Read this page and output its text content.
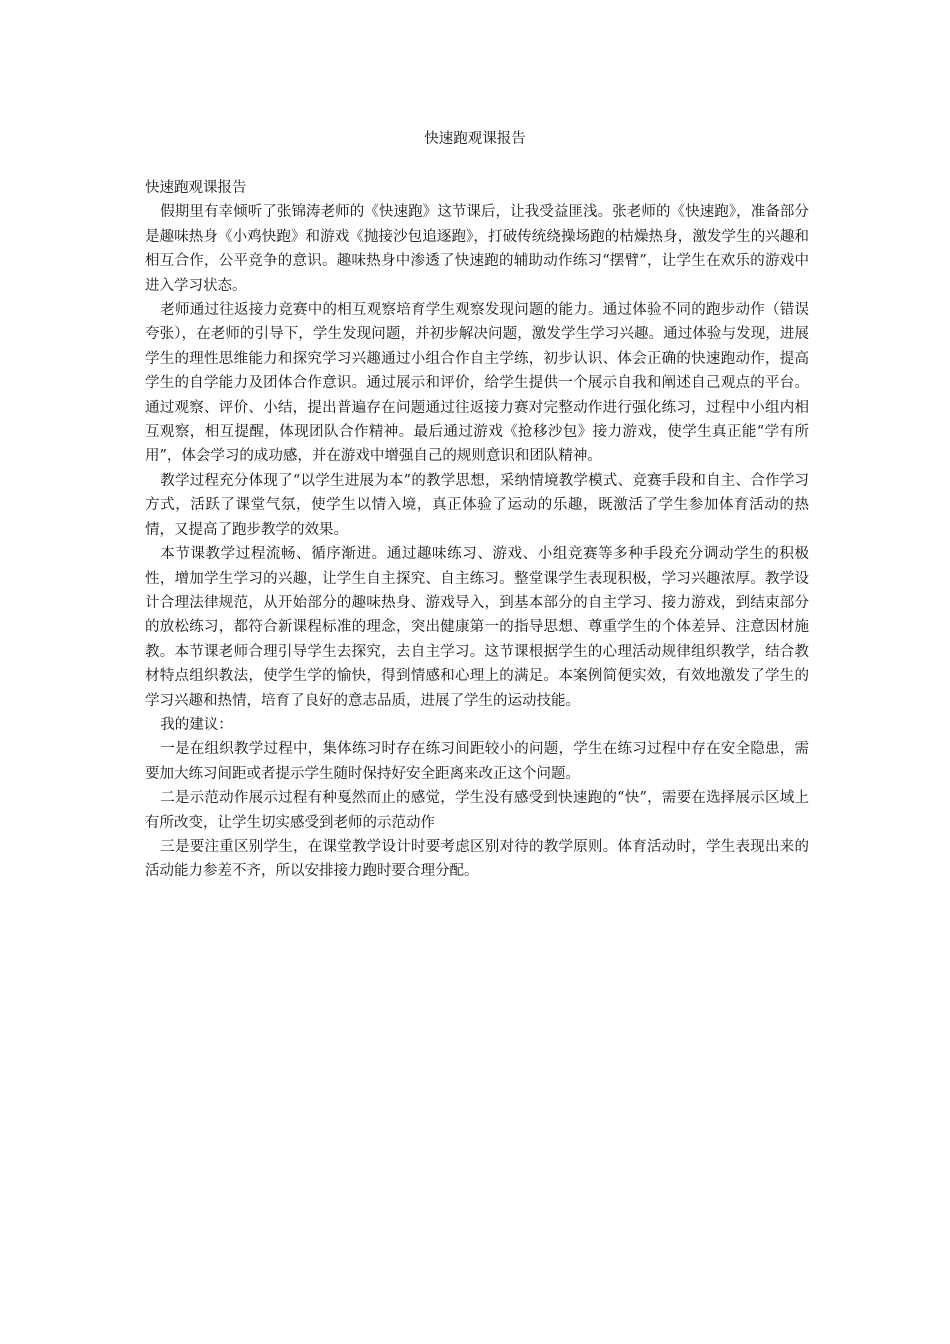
快速跑观课报告

快速跑观课报告

假期里有幸倾听了张锦涛老师的《快速跑》这节课后，让我受益匪浅。张老师的《快速跑》，准备部分是趣味热身《小鸡快跑》和游戏《抛接沙包追逐跑》，打破传统绕操场跑的枯燥热身，激发学生的兴趣和相互合作，公平竞争的意识。趣味热身中渗透了快速跑的辅助动作练习“摆臂”，让学生在欢乐的游戏中进入学习状态。

老师通过往返接力竞赛中的相互观察培育学生观察发现问题的能力。通过体验不同的跑步动作（错误夸张），在老师的引导下，学生发现问题，并初步解决问题，激发学生学习兴趣。通过体验与发现，进展学生的理性思维能力和探究学习兴趣通过小组合作自主学练，初步认识、体会正确的快速跑动作，提高学生的自学能力及团体合作意识。通过展示和评价，给学生提供一个展示自我和阐述自己观点的平台。通过观察、评价、小结，提出普遍存在问题通过往返接力赛对完整动作进行强化练习，过程中小组内相互观察，相互提醒，体现团队合作精神。最后通过游戏《抢移沙包》接力游戏，使学生真正能“学有所用”，体会学习的成功感，并在游戏中增强自己的规则意识和团队精神。

教学过程充分体现了“以学生进展为本”的教学思想，采纳情境教学模式、竞赛手段和自主、合作学习方式，活跃了课堂气氛，使学生以情入境，真正体验了运动的乐趣，既激活了学生参加体育活动的热情，又提高了跑步教学的效果。

本节课教学过程流畅、循序渐进。通过趣味练习、游戏、小组竞赛等多种手段充分调动学生的积极性，增加学生学习的兴趣，让学生自主探究、自主练习。整堂课学生表现积极，学习兴趣浓厚。教学设计合理法律规范，从开始部分的趣味热身、游戏导入，到基本部分的自主学习、接力游戏，到结束部分的放松练习，都符合新课程标准的理念，突出健康第一的指导思想、尊重学生的个体差异、注意因材施教。本节课老师合理引导学生去探究，去自主学习。这节课根据学生的心理活动规律组织教学，结合教材特点组织教法，使学生学的愉快，得到情感和心理上的满足。本案例简便实效，有效地激发了学生的学习兴趣和热情，培育了良好的意志品质，进展了学生的运动技能。

我的建议：

一是在组织教学过程中，集体练习时存在练习间距较小的问题，学生在练习过程中存在安全隐患，需要加大练习间距或者提示学生随时保持好安全距离来改正这个问题。

二是示范动作展示过程有种戛然而止的感觉，学生没有感受到快速跑的“快”，需要在选择展示区域上有所改变，让学生切实感受到老师的示范动作

三是要注重区别学生，在课堂教学设计时要考虑区别对待的教学原则。体育活动时，学生表现出来的活动能力参差不齐，所以安排接力跑时要合理分配。
